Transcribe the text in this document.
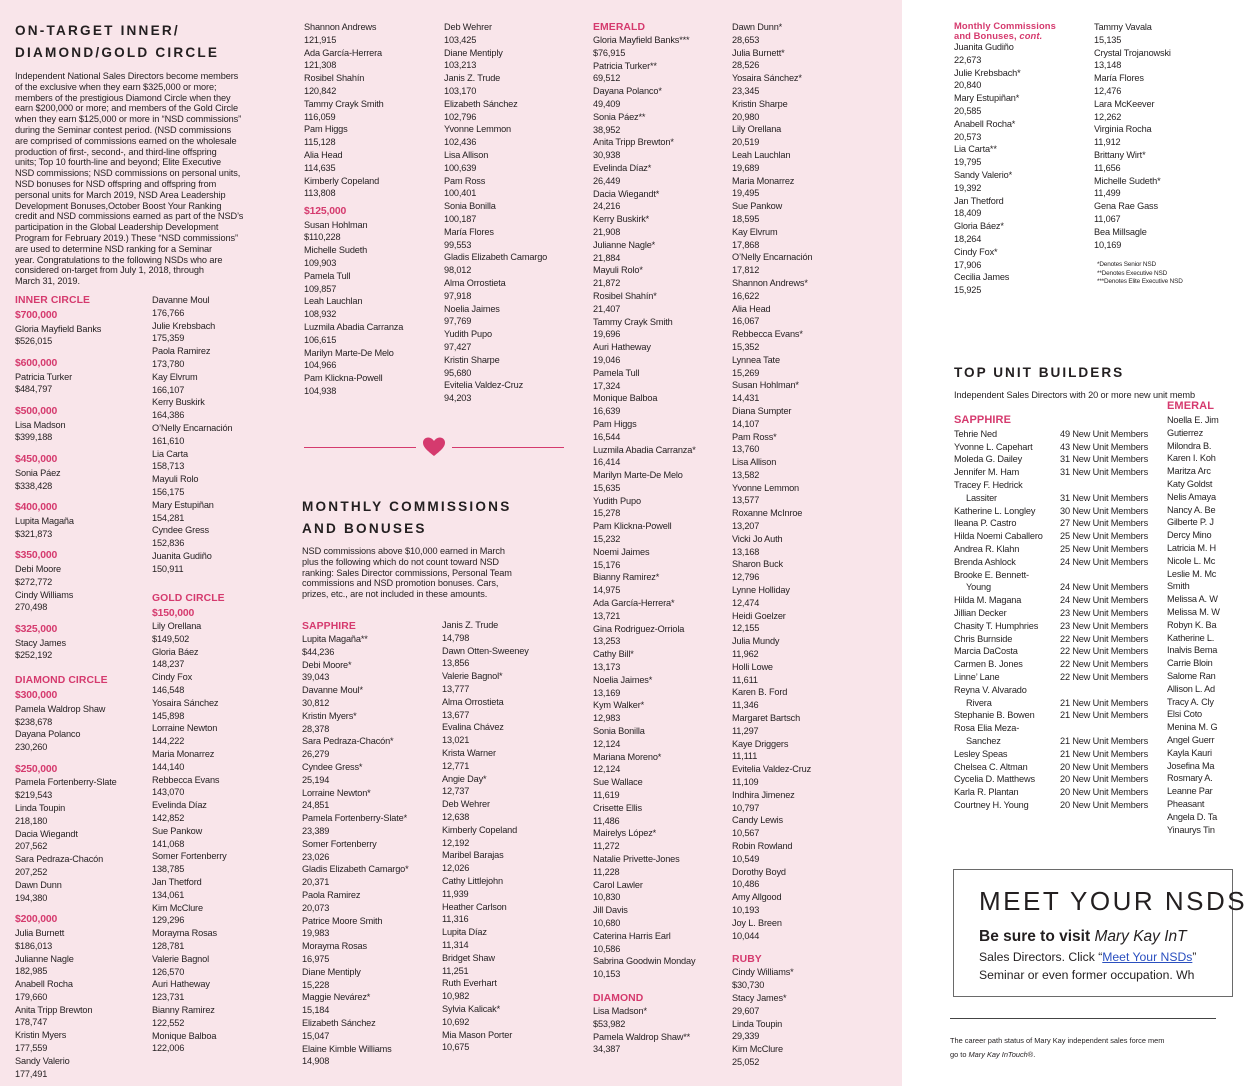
ON-TARGET INNER/
DIAMOND/GOLD CIRCLE
Independent National Sales Directors become members
of the exclusive when they earn $325,000 or more;
members of the prestigious Diamond Circle when they
earn $200,000 or more; and members of the Gold Circle
when they earn $125,000 or more in “NSD commissions”
during the Seminar contest period. (NSD commissions
are comprised of commissions earned on the wholesale
production of first-, second-, and third-line offspring
units; Top 10 fourth-line and beyond; Elite Executive
NSD commissions; NSD commissions on personal units,
NSD bonuses for NSD offspring and offspring from
personal units for March 2019, NSD Area Leadership
Development Bonuses,October Boost Your Ranking
credit and NSD commissions earned as part of the NSD’s
participation in the Global Leadership Development
Program for February 2019.) These “NSD commissions”
are used to determine NSD ranking for a Seminar
year. Congratulations to the following NSDs who are
considered on-target from July 1, 2018, through
March 31, 2019.
INNER CIRCLE
$700,000
Gloria Mayfield Banks
$526,015
$600,000
Patricia Turker
$484,797
$500,000
Lisa Madson
$399,188
$450,000
Sonia Páez
$338,428
$400,000
Lupita Magaña
$321,873
$350,000
Debi Moore
$272,772
Cindy Williams
270,498
$325,000
Stacy James
$252,192
DIAMOND CIRCLE
$300,000
Pamela Waldrop Shaw
$238,678
Dayana Polanco
230,260
$250,000
Pamela Fortenberry-Slate
$219,543
Linda Toupin
218,180
Dacia Wiegandt
207,562
Sara Pedraza-Chacón
207,252
Dawn Dunn
194,380
$200,000
Julia Burnett
$186,013
Julianne Nagle
182,985
Anabell Rocha
179,660
Anita Tripp Brewton
178,747
Kristin Myers
177,559
Sandy Valerio
177,491
Davanne Moul
176,766
Julie Krebsbach
175,359
Paola Ramirez
173,780
Kay Elvrum
166,107
Kerry Buskirk
164,386
O’Nelly Encarnación
161,610
Lia Carta
158,713
Mayuli Rolo
156,175
Mary Estupiñan
154,281
Cyndee Gress
152,836
Juanita Gudiño
150,911
GOLD CIRCLE
$150,000
Lily Orellana
$149,502
Gloria Báez
148,237
Cindy Fox
146,548
Yosaira Sánchez
145,898
Lorraine Newton
144,222
Maria Monarrez
144,140
Rebbecca Evans
143,070
Evelinda Díaz
142,852
Sue Pankow
141,068
Somer Fortenberry
138,785
Jan Thetford
134,061
Kim McClure
129,296
Morayma Rosas
128,781
Valerie Bagnol
126,570
Auri Hatheway
123,731
Bianny Ramirez
122,552
Monique Balboa
122,006
Shannon Andrews
121,915
Ada García-Herrera
121,308
Rosibel Shahín
120,842
Tammy Crayk Smith
116,059
Pam Higgs
115,128
Alia Head
114,635
Kimberly Copeland
113,808
$125,000
Susan Hohlman
$110,228
Michelle Sudeth
109,903
Pamela Tull
109,857
Leah Lauchlan
108,932
Luzmila Abadia Carranza
106,615
Marilyn Marte-De Melo
104,966
Pam Klickna-Powell
104,938
Deb Wehrer
103,425
Diane Mentiply
103,213
Janis Z. Trude
103,170
Elizabeth Sánchez
102,796
Yvonne Lemmon
102,436
Lisa Allison
100,639
Pam Ross
100,401
Sonia Bonilla
100,187
María Flores
99,553
Gladis Elizabeth Camargo
98,012
Alma Orrostieta
97,918
Noelia Jaimes
97,769
Yudith Pupo
97,427
Kristin Sharpe
95,680
Evitelia Valdez-Cruz
94,203
MONTHLY COMMISSIONS
AND BONUSES
NSD commissions above $10,000 earned in March
plus the following which do not count toward NSD
ranking: Sales Director commissions, Personal Team
commissions and NSD promotion bonuses. Cars,
prizes, etc., are not included in these amounts.
SAPPHIRE
Lupita Magaña**
$44,236
Debi Moore*
39,043
Davanne Moul*
30,812
Kristin Myers*
28,378
Sara Pedraza-Chacón*
26,279
Cyndee Gress*
25,194
Lorraine Newton*
24,851
Pamela Fortenberry-Slate*
23,389
Somer Fortenberry
23,026
Gladis Elizabeth Camargo*
20,371
Paola Ramirez
20,073
Patrice Moore Smith
19,983
Morayma Rosas
16,975
Diane Mentiply
15,228
Maggie Nevárez*
15,184
Elizabeth Sánchez
15,047
Elaine Kimble Williams
14,908
Janis Z. Trude
14,798
Dawn Otten-Sweeney
13,856
Valerie Bagnol*
13,777
Alma Orrostieta
13,677
Evalina Chávez
13,021
Krista Warner
12,771
Angie Day*
12,737
Deb Wehrer
12,638
Kimberly Copeland
12,192
Maribel Barajas
12,026
Cathy Littlejohn
11,939
Heather Carlson
11,316
Lupita Díaz
11,314
Bridget Shaw
11,251
Ruth Everhart
10,982
Sylvia Kalicak*
10,692
Mia Mason Porter
10,675
EMERALD
Gloria Mayfield Banks***
$76,915
Patricia Turker**
69,512
Dayana Polanco*
49,409
Sonia Páez**
38,952
Anita Tripp Brewton*
30,938
Evelinda Díaz*
26,449
Dacia Wiegandt*
24,216
Kerry Buskirk*
21,908
Julianne Nagle*
21,884
Mayuli Rolo*
21,872
Rosibel Shahín*
21,407
Tammy Crayk Smith
19,696
Auri Hatheway
19,046
Pamela Tull
17,324
Monique Balboa
16,639
Pam Higgs
16,544
Luzmila Abadia Carranza*
16,414
Marilyn Marte-De Melo
15,635
Yudith Pupo
15,278
Pam Klickna-Powell
15,232
Noemi Jaimes
15,176
Bianny Ramirez*
14,975
Ada García-Herrera*
13,721
Gina Rodriguez-Orriola
13,253
Cathy Bill*
13,173
Noelia Jaimes*
13,169
Kym Walker*
12,983
Sonia Bonilla
12,124
Mariana Moreno*
12,124
Sue Wallace
11,619
Crisette Ellis
11,486
Mairelys López*
11,272
Natalie Privette-Jones
11,228
Carol Lawler
10,830
Jill Davis
10,680
Caterina Harris Earl
10,586
Sabrina Goodwin Monday
10,153
DIAMOND
Lisa Madson*
$53,982
Pamela Waldrop Shaw**
34,387
Dawn Dunn*
28,653
Julia Burnett*
28,526
Yosaira Sánchez*
23,345
Kristin Sharpe
20,980
Lily Orellana
20,519
Leah Lauchlan
19,689
Maria Monarrez
19,495
Sue Pankow
18,595
Kay Elvrum
17,868
O’Nelly Encarnación
17,812
Shannon Andrews*
16,622
Alia Head
16,067
Rebbecca Evans*
15,352
Lynnea Tate
15,269
Susan Hohlman*
14,431
Diana Sumpter
14,107
Pam Ross*
13,760
Lisa Allison
13,582
Yvonne Lemmon
13,577
Roxanne McInroe
13,207
Vicki Jo Auth
13,168
Sharon Buck
12,796
Lynne Holliday
12,474
Heidi Goelzer
12,155
Julia Mundy
11,962
Holli Lowe
11,611
Karen B. Ford
11,346
Margaret Bartsch
11,297
Kaye Driggers
11,111
Evitelia Valdez-Cruz
11,109
Indhira Jimenez
10,797
Candy Lewis
10,567
Robin Rowland
10,549
Dorothy Boyd
10,486
Amy Allgood
10,193
Joy L. Breen
10,044
RUBY
Cindy Williams*
$30,730
Stacy James*
29,607
Linda Toupin
29,339
Kim McClure
25,052
Monthly Commissions
and Bonuses, cont.
Juanita Gudiño
22,673
Julie Krebsbach*
20,840
Mary Estupiñan*
20,585
Anabell Rocha*
20,573
Lia Carta**
19,795
Sandy Valerio*
19,392
Jan Thetford
18,409
Gloria Báez*
18,264
Cindy Fox*
17,906
Cecilia James
15,925
Tammy Vavala
15,135
Crystal Trojanowski
13,148
María Flores
12,476
Lara McKeever
12,262
Virginia Rocha
11,912
Brittany Wirt*
11,656
Michelle Sudeth*
11,499
Gena Rae Gass
11,067
Bea Millsagle
10,169
*Denotes Senior NSD
**Denotes Executive NSD
***Denotes Elite Executive NSD
TOP UNIT BUILDERS
Independent Sales Directors with 20 or more new unit memb
SAPPHIRE
Tehrie Ned	49 New Unit Members
Yvonne L. Capehart	43 New Unit Members
Moleda G. Dailey	31 New Unit Members
Jennifer M. Ham	31 New Unit Members
Tracey F. Hedrick
Lassiter	31 New Unit Members
Katherine L. Longley	30 New Unit Members
Ileana P. Castro	27 New Unit Members
Hilda Noemi Caballero	25 New Unit Members
Andrea R. Klahn	25 New Unit Members
Brenda Ashlock	24 New Unit Members
Brooke E. Bennett-
Young	24 New Unit Members
Hilda M. Magana	24 New Unit Members
Jillian Decker	23 New Unit Members
Chasity T. Humphries	23 New Unit Members
Chris Burnside	22 New Unit Members
Marcia DaCosta	22 New Unit Members
Carmen B. Jones	22 New Unit Members
Linne’ Lane	22 New Unit Members
Reyna V. Alvarado
Rivera	21 New Unit Members
Stephanie B. Bowen	21 New Unit Members
Rosa Elia Meza-
Sanchez	21 New Unit Members
Lesley Speas	21 New Unit Members
Chelsea C. Altman	20 New Unit Members
Cycelia D. Matthews	20 New Unit Members
Karla R. Plantan	20 New Unit Members
Courtney H. Young	20 New Unit Members
EMERAL
Noella E. Jim
Gutierrez
Milondra B.
Karen I. Koh
Maritza Arc
Katy Goldst
Nelis Amaya
Nancy A. Be
Gilberte P. J
Dercy Mino
Latricia M. H
Nicole L. Mc
Leslie M. Mc
Smith
Melissa A. W
Melissa M. W
Robyn K. Ba
Katherine L.
Inalvis Bema
Carrie Bloin
Salome Ran
Allison L. Ad
Tracy A. Cly
Elsi Coto
Menina M. G
Angel Guerr
Kayla Kauri
Josefina Ma
Rosmary A.
Leanne Par
Pheasant
Angela D. Ta
Yinaurys Tin
MEET YOUR NSDS
Be sure to visit Mary Kay InT
Sales Directors. Click “Meet Your NSDs”
Seminar or even former occupation. Wh
The career path status of Mary Kay independent sales force mem
go to Mary Kay InTouch®.
